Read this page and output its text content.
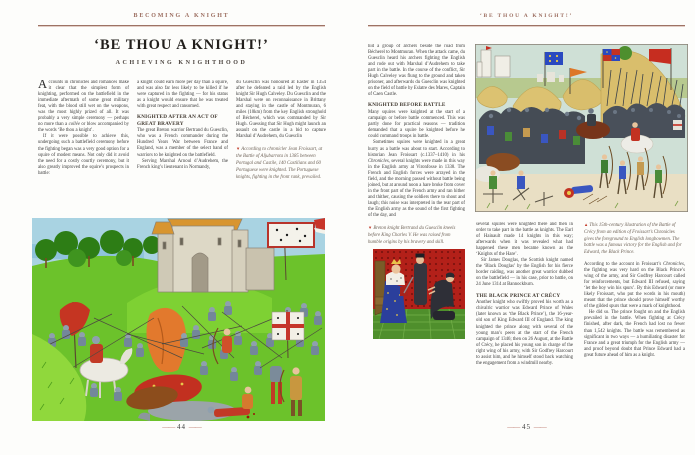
BECOMING A KNIGHT
‘BE THOU A KNIGHT!’
ACHIEVING KNIGHTHOOD

Accounts in chronicles and romances make it clear that the simplest form of knighting, performed on the battlefield in the immediate aftermath of some great military feat, with the blood still wet on the weapons, was the most highly prized of all. It was probably a very simple ceremony — perhaps no more than a collée or blow accompanied by the words ‘Be thou a knight’.

If it were possible to achieve this, undergoing such a battlefield ceremony before the fighting began was a very good option for a squire of modest means. Not only did it avoid the need for a costly courtly ceremony, but it also greatly improved the squire’s prospects in battle:

a knight could earn more per day than a squire, and was also far less likely to be killed if he were captured in the fighting — for his status as a knight would ensure that he was treated with great respect and ransomed.

KNIGHTED AFTER AN ACT OF GREAT BRAVERY

The great Breton warrior Bertrand du Guesclin, who was a French commander during the Hundred Years War between France and England, was a member of the select band of warriors to be knighted on the battlefield.

Serving Marshal Arnoul d’Audrehem, the French king’s lieutenant in Normandy,

du Guesclin was honoured at Easter in 1354 after he defeated a raid led by the English knight Sir Hugh Calveley. Du Guesclin and the Marshal were on reconnaissance in Brittany and staying in the castle of Montmuran, 6 miles (10km) from the key English stronghold of Bécherel, which was commanded by Sir Hugh. Guessing that Sir Hugh might launch an assault on the castle in a bid to capture Marshal d’Audrehem, du Guesclin

▼ According to chronicler Jean Froissart, at the Battle of Aljubarrota in 1385 between Portugal and Castile, 140 Castilians and 60 Portuguese were knighted. The Portuguese knights, fighting in the front rank, prevailed.
—— 44 ——
‘BE THOU A KNIGHT!’

hid a group of archers beside the road from Bécherel to Montmuran. When the attack came, du Guesclin heard his archers fighting the English and rode out with Marshal d’Audrehem to take part in the battle. In the course of the conflict, Sir Hugh Calveley was flung to the ground and taken prisoner, and afterwards du Guesclin was knighted on the field of battle by Eslatre des Mares, Captain of Caen Castle.

KNIGHTED BEFORE BATTLE

Many squires were knighted at the start of a campaign or before battle commenced. This was partly done for practical reasons — tradition demanded that a squire be knighted before he could command troops in battle.

Sometimes squires were knighted in a great hurry as a battle was about to start. According to historian Jean Froissart (c.1337–1410) in his Chronicles, several knights were made in this way in the English army at Vironfosse in 1338. The French and English forces were arrayed in the field, and the morning passed without battle being joined, but at around noon a hare broke from cover in the front part of the French army and ran hither and thither, causing the soldiers there to shout and laugh; this noise was interpreted in the rear part of the English army as the sound of the first fighting of the day, and

▼ Breton knight Bertrand du Guesclin kneels before King Charles V. He was raised from humble origins by his bravery and skill.

several squires were knighted there and then in order to take part in the battle as knights. The Earl of Hainault made 14 knights in this way; afterwards when it was revealed what had happened these men became known as the ‘Knights of the Hare’.

Sir James Douglas, the Scottish knight named the ‘Black Douglas’ by the English for his fierce border raiding, was another great warrior dubbed on the battlefield — in his case, prior to battle, on 24 June 1314 at Bannockburn.

THE BLACK PRINCE AT CRÉCY

Another knight who swiftly proved his worth as a chivalric warrior was Edward Prince of Wales (later known as ‘the Black Prince’), the 16-year-old son of King Edward III of England. The king knighted the prince along with several of the young man’s peers at the start of the French campaign of 1346; then on 26 August, at the Battle of Crécy, he placed his young son in charge of the right wing of his army, with Sir Godfrey Harcourt to assist him, and he himself stood back watching the engagement from a windmill nearby.

▲ This 15th-century illustration of the Battle of Crécy from an edition of Froissart’s Chronicles gives the foreground to English longbowmen. The battle was a famous victory for the English and for Edward, the Black Prince.

According to the account in Froissart’s Chronicles, the fighting was very hard on the Black Prince’s wing of the army, and Sir Godfrey Harcourt called for reinforcements, but Edward III refused, saying ‘let the boy win his spurs’. By this Edward (or more likely Froissart, who put the words in his mouth) meant that the prince should prove himself worthy of the gilded spurs that were a mark of knighthood.

He did so. The prince fought on and the English prevailed in the battle. When fighting at Crécy finished, after dark, the French had lost no fewer than 1,542 knights. The battle was remembered as significant in two ways — a humiliating disaster for France and a great triumph for the English army — and proof beyond doubt that Prince Edward had a great future ahead of him as a knight.

—— 45 ——
